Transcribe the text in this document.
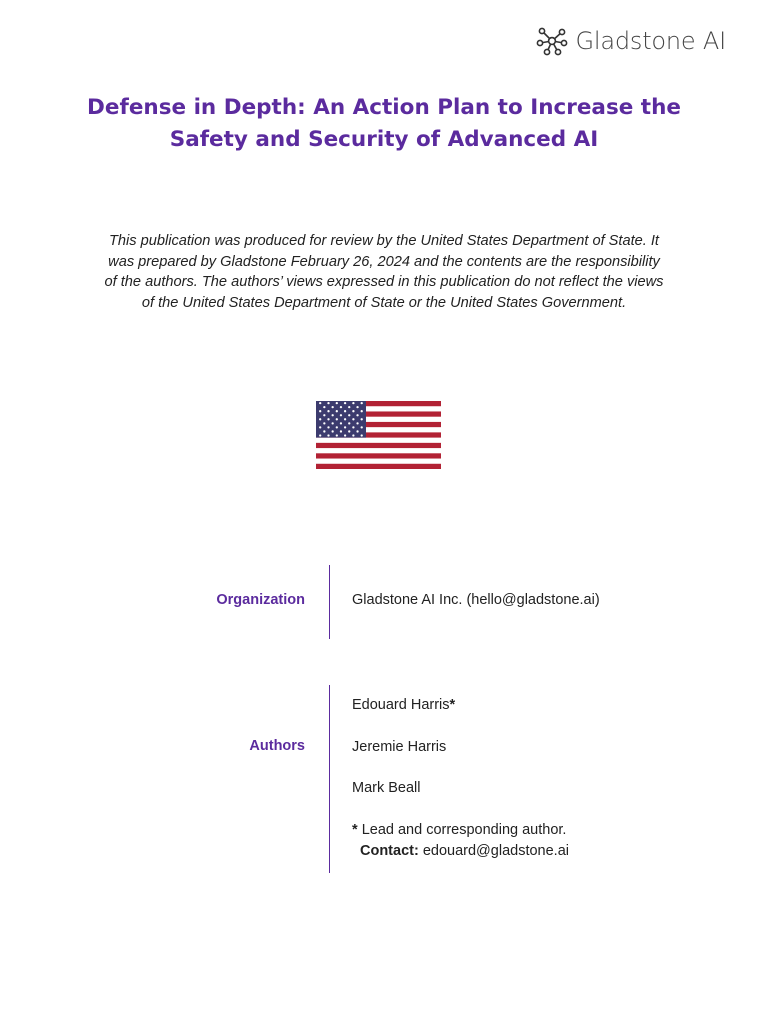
Gladstone AI
Defense in Depth: An Action Plan to Increase the
Safety and Security of Advanced AI
This publication was produced for review by the United States Department of State. It
was prepared by Gladstone February 26, 2024 and the contents are the responsibility
of the authors. The authors’ views expressed in this publication do not reflect the views
of the United States Department of State or the United States Government.
Organization	Gladstone AI Inc. (hello@gladstone.ai)
Authors
Edouard Harris*
Jeremie Harris
Mark Beall
* Lead and corresponding author.
Contact: edouard@gladstone.ai
